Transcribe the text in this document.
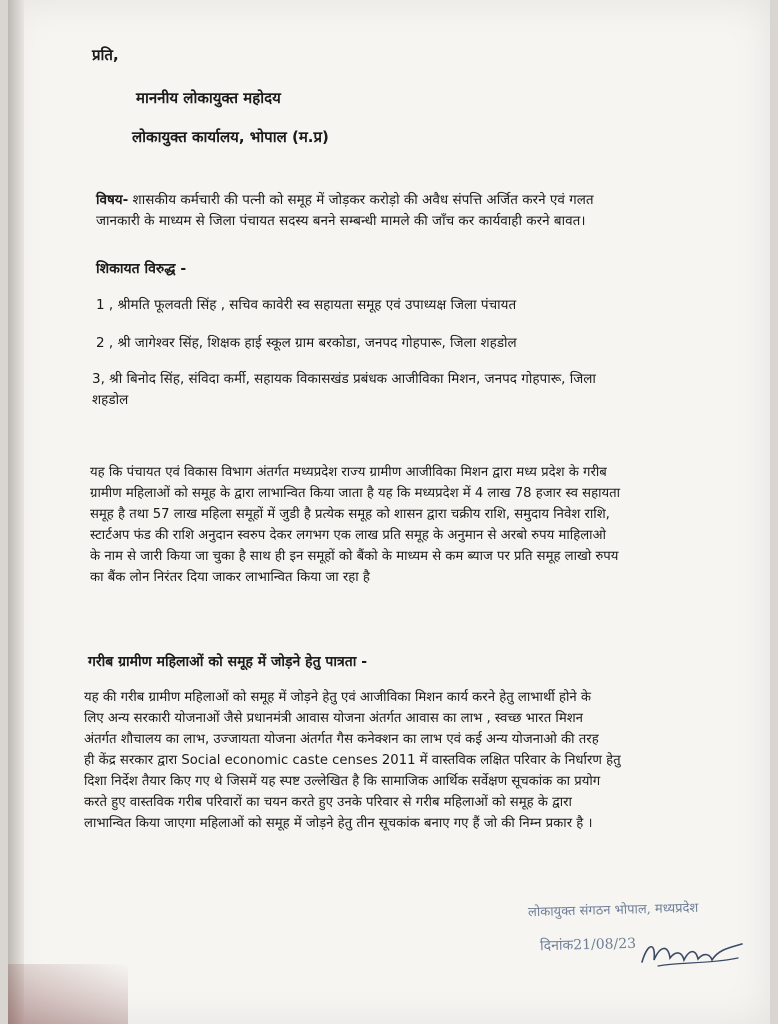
प्रति,
माननीय लोकायुक्त महोदय
लोकायुक्त कार्यालय, भोपाल (म.प्र)
विषय- शासकीय कर्मचारी की पत्नी को समूह में जोड़कर करोड़ो की अवैध संपत्ति अर्जित करने एवं गलत
जानकारी के माध्यम से जिला पंचायत सदस्य बनने सम्बन्धी मामले की जाँच कर कार्यवाही करने बावत।
शिकायत विरुद्ध -
1 , श्रीमति फूलवती सिंह , सचिव कावेरी स्व सहायता समूह एवं उपाध्यक्ष जिला पंचायत
2 , श्री जागेश्वर सिंह, शिक्षक हाई स्कूल ग्राम बरकोडा, जनपद गोहपारू, जिला शहडोल
3, श्री बिनोद सिंह, संविदा कर्मी, सहायक विकासखंड प्रबंधक आजीविका मिशन, जनपद गोहपारू, जिला
शहडोल
यह कि पंचायत एवं विकास विभाग अंतर्गत मध्यप्रदेश राज्य ग्रामीण आजीविका मिशन द्वारा मध्य प्रदेश के गरीब
ग्रामीण महिलाओं को समूह के द्वारा लाभान्वित किया जाता है यह कि मध्यप्रदेश में 4 लाख 78 हजार स्व सहायता
समूह है तथा 57 लाख महिला समूहों में जुडी है प्रत्येक समूह को शासन द्वारा चक्रीय राशि, समुदाय निवेश राशि,
स्टार्टअप फंड की राशि अनुदान स्वरुप देकर लगभग एक लाख प्रति समूह के अनुमान से अरबो रुपय माहिलाओ
के नाम से जारी किया जा चुका है साथ ही इन समूहों को बैंको के माध्यम से कम ब्याज पर प्रति समूह लाखो रुपय
का बैंक लोन निरंतर दिया जाकर लाभान्वित किया जा रहा है
गरीब ग्रामीण महिलाओं को समूह में जोड़ने हेतु पात्रता -
यह की गरीब ग्रामीण महिलाओं को समूह में जोड़ने हेतु एवं आजीविका मिशन कार्य करने हेतु लाभार्थी होने के
लिए अन्य सरकारी योजनाओं जैसे प्रधानमंत्री आवास योजना अंतर्गत आवास का लाभ , स्वच्छ भारत मिशन
अंतर्गत शौचालय का लाभ, उज्जायता योजना अंतर्गत गैस कनेक्शन का लाभ एवं कई अन्य योजनाओ की तरह
ही केंद्र सरकार द्वारा Social economic caste censes 2011 में वास्तविक लक्षित परिवार के निर्धारण हेतु
दिशा निर्देश तैयार किए गए थे जिसमें यह स्पष्ट उल्लेखित है कि सामाजिक आर्थिक सर्वेक्षण सूचकांक का प्रयोग
करते हुए वास्तविक गरीब परिवारों का चयन करते हुए उनके परिवार से गरीब महिलाओं को समूह के द्वारा
लाभान्वित किया जाएगा महिलाओं को समूह में जोड़ने हेतु तीन सूचकांक बनाए गए हैं जो की निम्न प्रकार है ।
लोकायुक्त संगठन भोपाल, मध्यप्रदेश
दिनांक21/08/23
